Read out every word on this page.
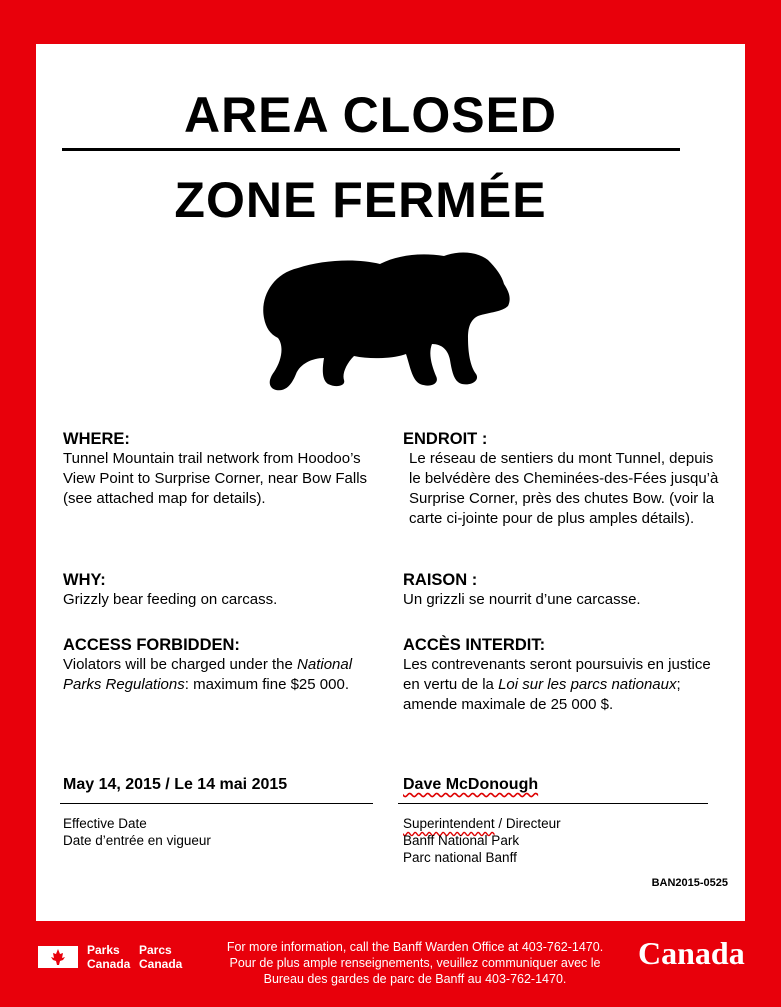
AREA CLOSED
ZONE FERMÉE
WHERE:
Tunnel Mountain trail network from Hoodoo’s View Point to Surprise Corner, near Bow Falls (see attached map for details).
ENDROIT :
Le réseau de sentiers du mont Tunnel, depuis le belvédère des Cheminées-des-Fées jusqu’à Surprise Corner, près des chutes Bow. (voir la carte ci-jointe pour de plus amples détails).
WHY:
Grizzly bear feeding on carcass.
RAISON :
Un grizzli se nourrit d’une carcasse.
ACCESS FORBIDDEN:
Violators will be charged under the National Parks Regulations: maximum fine $25 000.
ACCÈS INTERDIT:
Les contrevenants seront poursuivis en justice en vertu de la Loi sur les parcs nationaux; amende maximale de 25 000 $.
May 14, 2015 / Le 14 mai 2015	Dave McDonough
Effective Date
Date d’entrée en vigueur
Superintendent / Directeur
Banff National Park
Parc national Banff
BAN2015-0525
Parks
Canada
Parcs
Canada
For more information, call the Banff Warden Office at 403-762-1470.
Pour de plus ample renseignements, veuillez communiquer avec le
Bureau des gardes de parc de Banff au 403-762-1470.
Canada
